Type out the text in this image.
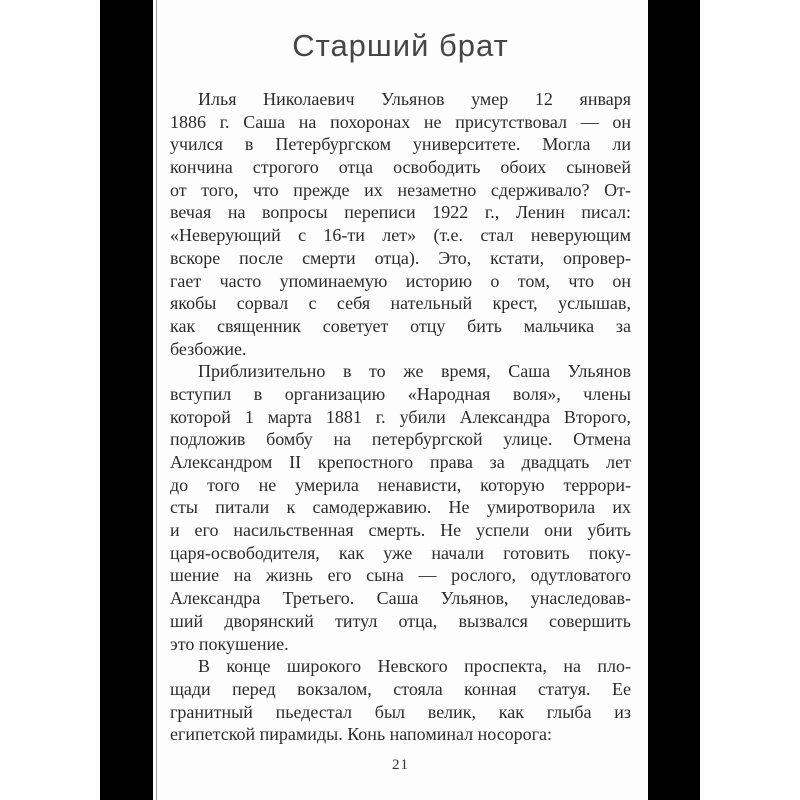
Старший брат
Илья Николаевич Ульянов умер 12 января
1886 г. Саша на похоронах не присутствовал — он
учился в Петербургском университете. Могла ли
кончина строгого отца освободить обоих сыновей
от того, что прежде их незаметно сдерживало? От-
вечая на вопросы переписи 1922 г., Ленин писал:
«Неверующий с 16-ти лет» (т.е. стал неверующим
вскоре после смерти отца). Это, кстати, опровер-
гает часто упоминаемую историю о том, что он
якобы сорвал с себя нательный крест, услышав,
как священник советует отцу бить мальчика за
безбожие.
Приблизительно в то же время, Саша Ульянов
вступил в организацию «Народная воля», члены
которой 1 марта 1881 г. убили Александра Второго,
подложив бомбу на петербургской улице. Отмена
Александром II крепостного права за двадцать лет
до того не умерила ненависти, которую террори-
сты питали к самодержавию. Не умиротворила их
и его насильственная смерть. Не успели они убить
царя-освободителя, как уже начали готовить поку-
шение на жизнь его сына — рослого, одутловатого
Александра Третьего. Саша Ульянов, унаследовав-
ший дворянский титул отца, вызвался совершить
это покушение.
В конце широкого Невского проспекта, на пло-
щади перед вокзалом, стояла конная статуя. Ее
гранитный пьедестал был велик, как глыба из
египетской пирамиды. Конь напоминал носорога:
21
